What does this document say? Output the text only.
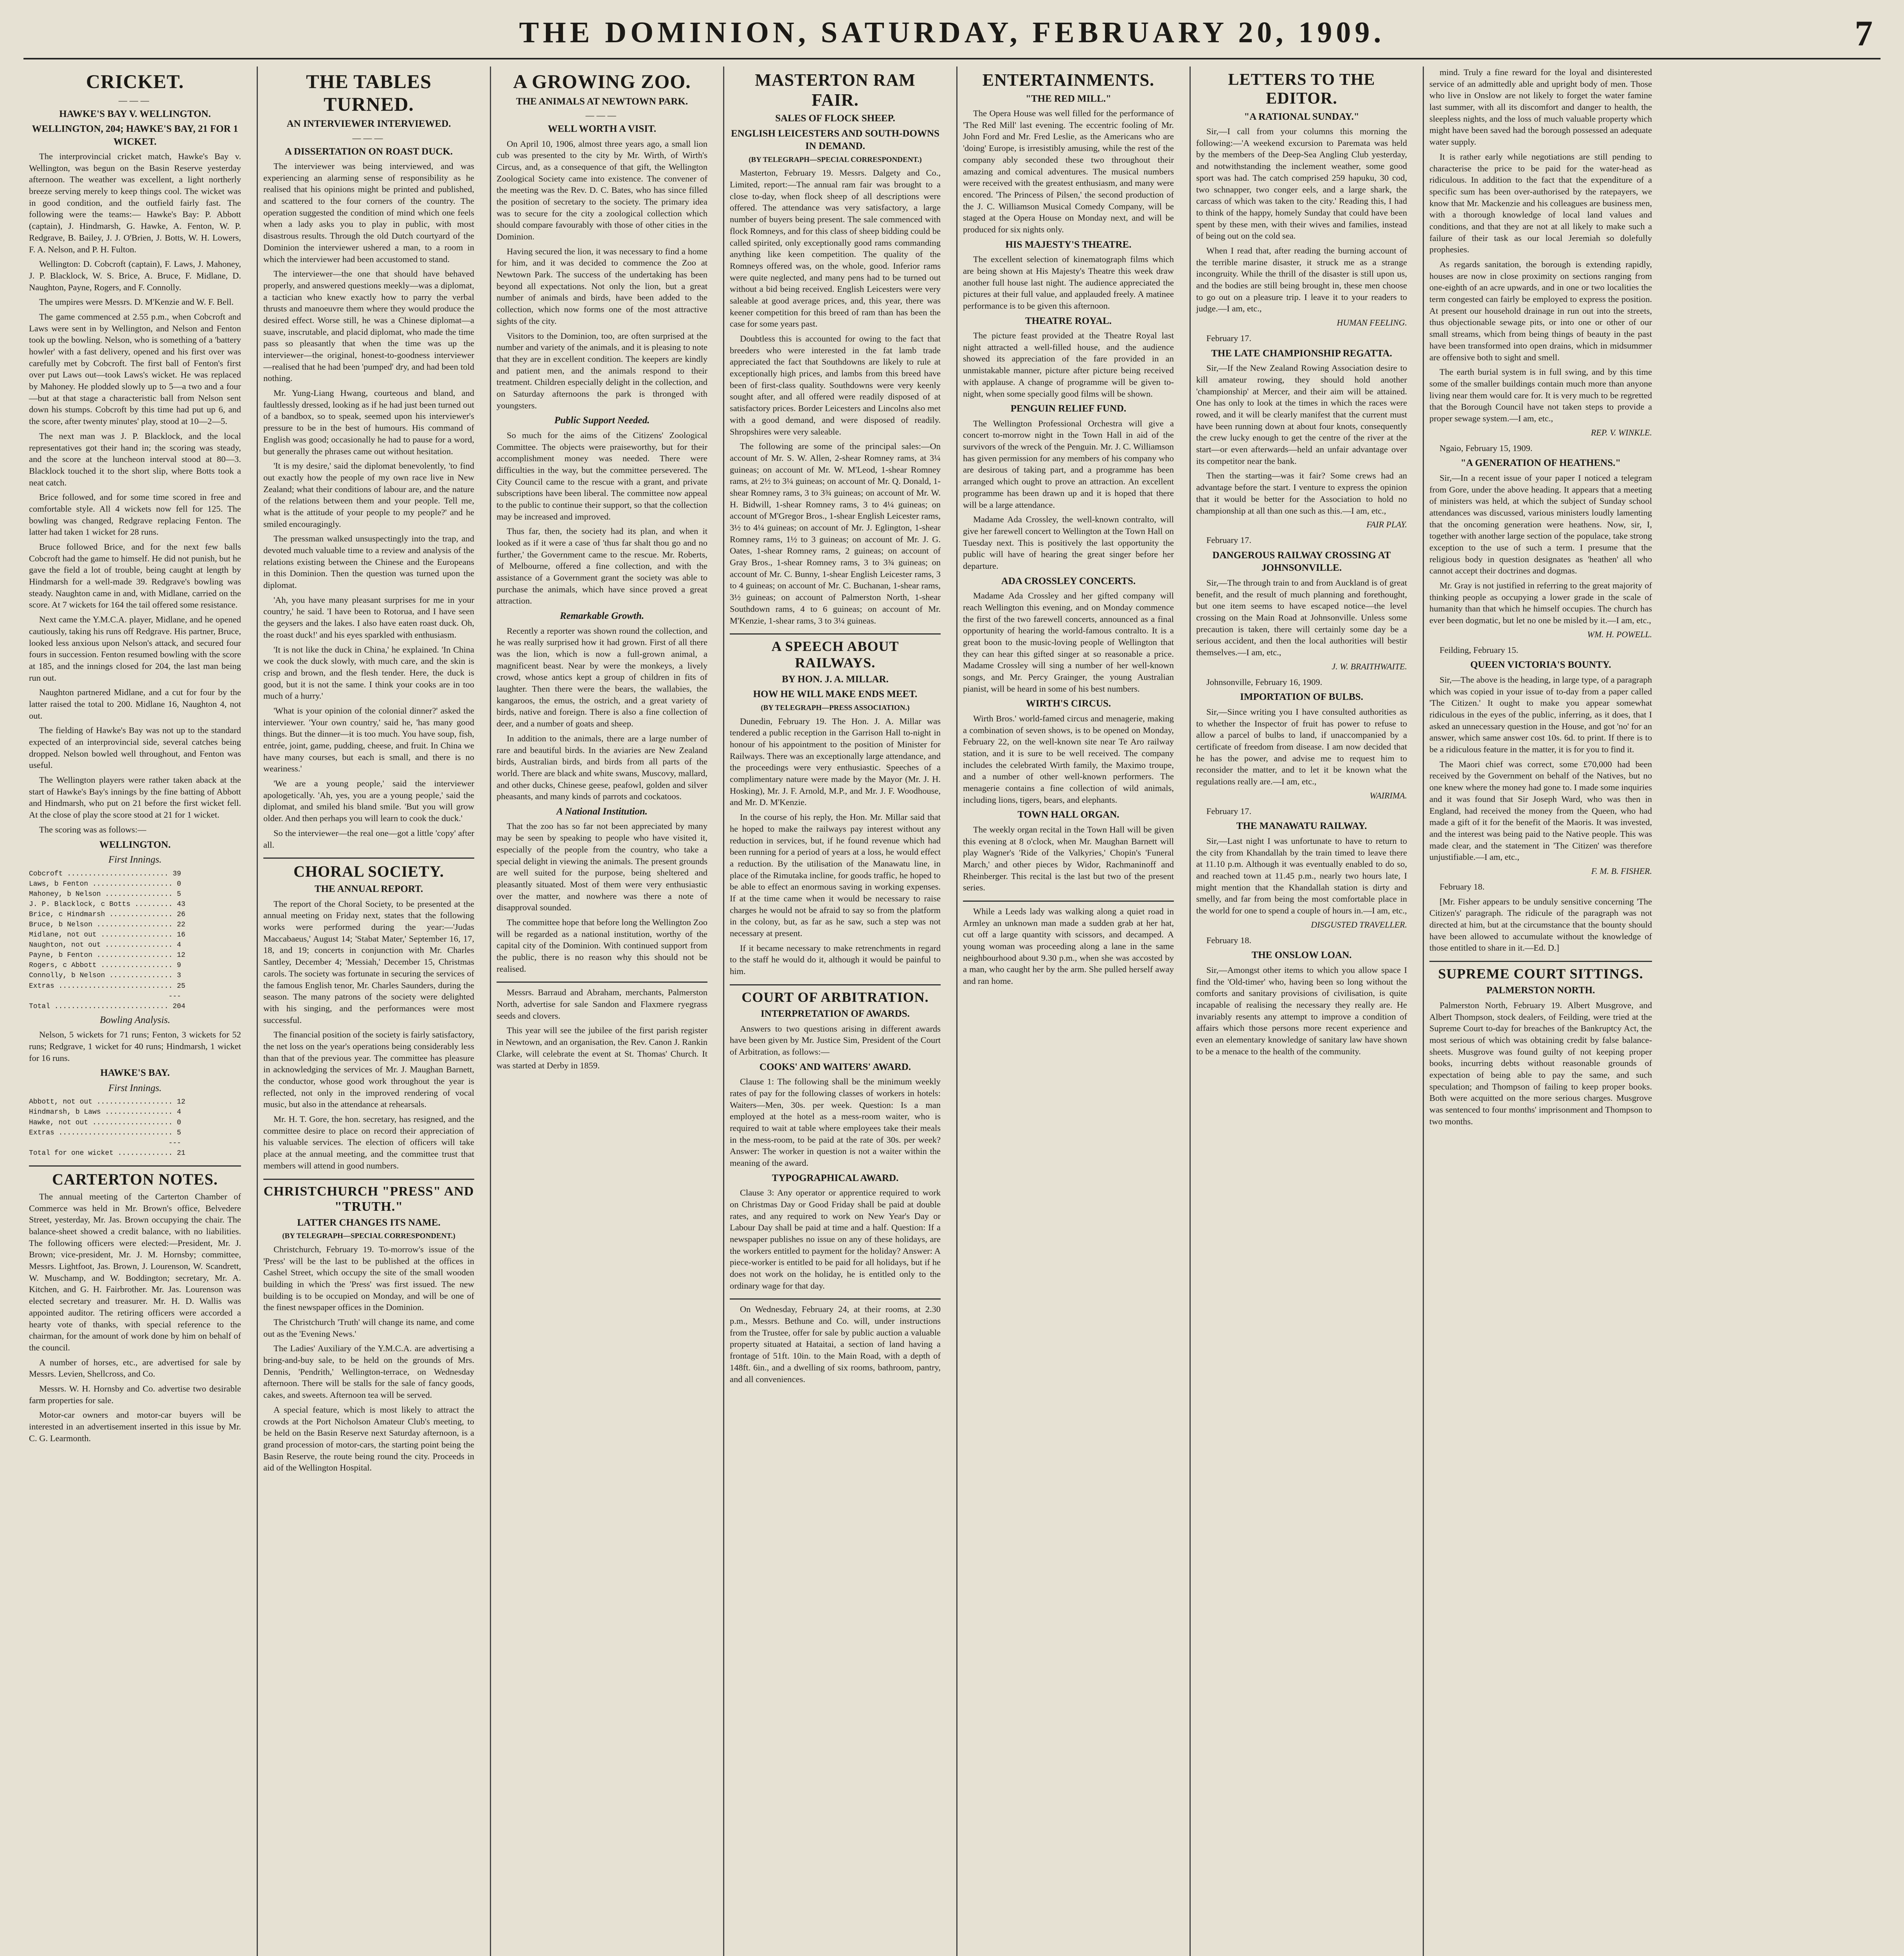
THE DOMINION, SATURDAY, FEBRUARY 20, 1909.	7
CRICKET.
———
HAWKE'S BAY V. WELLINGTON.
WELLINGTON, 204; HAWKE'S BAY, 21 FOR 1 WICKET.

The interprovincial cricket match, Hawke's Bay v. Wellington, was begun on the Basin Reserve yesterday afternoon. The weather was excellent, a light northerly breeze serving merely to keep things cool. The wicket was in good condition, and the outfield fairly fast. The following were the teams:— Hawke's Bay: P. Abbott (captain), J. Hindmarsh, G. Hawke, A. Fenton, W. P. Redgrave, B. Bailey, J. J. O'Brien, J. Botts, W. H. Lowers, F. A. Nelson, and P. H. Fulton.

Wellington: D. Cobcroft (captain), F. Laws, J. Mahoney, J. P. Blacklock, W. S. Brice, A. Bruce, F. Midlane, D. Naughton, Payne, Rogers, and F. Connolly.

The umpires were Messrs. D. M'Kenzie and W. F. Bell.

The game commenced at 2.55 p.m., when Cobcroft and Laws were sent in by Wellington, and Nelson and Fenton took up the bowling. Nelson, who is something of a 'battery howler' with a fast delivery, opened and his first over was carefully met by Cobcroft. The first ball of Fenton's first over put Laws out—took Laws's wicket. He was replaced by Mahoney. He plodded slowly up to 5—a two and a four—but at that stage a characteristic ball from Nelson sent down his stumps. Cobcroft by this time had put up 6, and the score, after twenty minutes' play, stood at 10—2—5.

The next man was J. P. Blacklock, and the local representatives got their hand in; the scoring was steady, and the score at the luncheon interval stood at 80—3. Blacklock touched it to the short slip, where Botts took a neat catch.

Brice followed, and for some time scored in free and comfortable style. All 4 wickets now fell for 125. The bowling was changed, Redgrave replacing Fenton. The latter had taken 1 wicket for 28 runs.

Bruce followed Brice, and for the next few balls Cobcroft had the game to himself. He did not punish, but he gave the field a lot of trouble, being caught at length by Hindmarsh for a well-made 39. Redgrave's bowling was steady. Naughton came in and, with Midlane, carried on the score. At 7 wickets for 164 the tail offered some resistance.

Next came the Y.M.C.A. player, Midlane, and he opened cautiously, taking his runs off Redgrave. His partner, Bruce, looked less anxious upon Nelson's attack, and secured four fours in succession. Fenton resumed bowling with the score at 185, and the innings closed for 204, the last man being run out.

Naughton partnered Midlane, and a cut for four by the latter raised the total to 200. Midlane 16, Naughton 4, not out.

The fielding of Hawke's Bay was not up to the standard expected of an interprovincial side, several catches being dropped. Nelson bowled well throughout, and Fenton was useful.

The Wellington players were rather taken aback at the start of Hawke's Bay's innings by the fine batting of Abbott and Hindmarsh, who put on 21 before the first wicket fell. At the close of play the score stood at 21 for 1 wicket.

The scoring was as follows:—

WELLINGTON.
First Innings.
Cobcroft ........................ 39
Laws, b Fenton ................... 0
Mahoney, b Nelson ................ 5
J. P. Blacklock, c Botts ......... 43
Brice, c Hindmarsh ............... 26
Bruce, b Nelson .................. 22
Midlane, not out ................. 16
Naughton, not out ................ 4
Payne, b Fenton .................. 12
Rogers, c Abbott ................. 9
Connolly, b Nelson ............... 3
Extras ........................... 25
---
Total ........................... 204
Bowling Analysis.

Nelson, 5 wickets for 71 runs; Fenton, 3 wickets for 52 runs; Redgrave, 1 wicket for 40 runs; Hindmarsh, 1 wicket for 16 runs.

HAWKE'S BAY.
First Innings.
Abbott, not out .................. 12
Hindmarsh, b Laws ................ 4
Hawke, not out ................... 0
Extras ........................... 5
---
Total for one wicket ............. 21
CARTERTON NOTES.

The annual meeting of the Carterton Chamber of Commerce was held in Mr. Brown's office, Belvedere Street, yesterday, Mr. Jas. Brown occupying the chair. The balance-sheet showed a credit balance, with no liabilities. The following officers were elected:—President, Mr. J. Brown; vice-president, Mr. J. M. Hornsby; committee, Messrs. Lightfoot, Jas. Brown, J. Lourenson, W. Scandrett, W. Muschamp, and W. Boddington; secretary, Mr. A. Kitchen, and G. H. Fairbrother. Mr. Jas. Lourenson was elected secretary and treasurer. Mr. H. D. Wallis was appointed auditor. The retiring officers were accorded a hearty vote of thanks, with special reference to the chairman, for the amount of work done by him on behalf of the council.

A number of horses, etc., are advertised for sale by Messrs. Levien, Shellcross, and Co.

Messrs. W. H. Hornsby and Co. advertise two desirable farm properties for sale.

Motor-car owners and motor-car buyers will be interested in an advertisement inserted in this issue by Mr. C. G. Learmonth.

THE TABLES TURNED.
AN INTERVIEWER INTERVIEWED.
———
A DISSERTATION ON ROAST DUCK.

The interviewer was being interviewed, and was experiencing an alarming sense of responsibility as he realised that his opinions might be printed and published, and scattered to the four corners of the country. The operation suggested the condition of mind which one feels when a lady asks you to play in public, with most disastrous results. Through the old Dutch courtyard of the Dominion the interviewer ushered a man, to a room in which the interviewer had been accustomed to stand.

The interviewer—the one that should have behaved properly, and answered questions meekly—was a diplomat, a tactician who knew exactly how to parry the verbal thrusts and manoeuvre them where they would produce the desired effect. Worse still, he was a Chinese diplomat—a suave, inscrutable, and placid diplomat, who made the time pass so pleasantly that when the time was up the interviewer—the original, honest-to-goodness interviewer—realised that he had been 'pumped' dry, and had been told nothing.

Mr. Yung-Liang Hwang, courteous and bland, and faultlessly dressed, looking as if he had just been turned out of a bandbox, so to speak, seemed upon his interviewer's pressure to be in the best of humours. His command of English was good; occasionally he had to pause for a word, but generally the phrases came out without hesitation.

'It is my desire,' said the diplomat benevolently, 'to find out exactly how the people of my own race live in New Zealand; what their conditions of labour are, and the nature of the relations between them and your people. Tell me, what is the attitude of your people to my people?' and he smiled encouragingly.

The pressman walked unsuspectingly into the trap, and devoted much valuable time to a review and analysis of the relations existing between the Chinese and the Europeans in this Dominion. Then the question was turned upon the diplomat.

'Ah, you have many pleasant surprises for me in your country,' he said. 'I have been to Rotorua, and I have seen the geysers and the lakes. I also have eaten roast duck. Oh, the roast duck!' and his eyes sparkled with enthusiasm.

'It is not like the duck in China,' he explained. 'In China we cook the duck slowly, with much care, and the skin is crisp and brown, and the flesh tender. Here, the duck is good, but it is not the same. I think your cooks are in too much of a hurry.'

'What is your opinion of the colonial dinner?' asked the interviewer. 'Your own country,' said he, 'has many good things. But the dinner—it is too much. You have soup, fish, entrée, joint, game, pudding, cheese, and fruit. In China we have many courses, but each is small, and there is no weariness.'

'We are a young people,' said the interviewer apologetically. 'Ah, yes, you are a young people,' said the diplomat, and smiled his bland smile. 'But you will grow older. And then perhaps you will learn to cook the duck.'

So the interviewer—the real one—got a little 'copy' after all.

CHORAL SOCIETY.
THE ANNUAL REPORT.

The report of the Choral Society, to be presented at the annual meeting on Friday next, states that the following works were performed during the year:—'Judas Maccabaeus,' August 14; 'Stabat Mater,' September 16, 17, 18, and 19; concerts in conjunction with Mr. Charles Santley, December 4; 'Messiah,' December 15, Christmas carols. The society was fortunate in securing the services of the famous English tenor, Mr. Charles Saunders, during the season. The many patrons of the society were delighted with his singing, and the performances were most successful.

The financial position of the society is fairly satisfactory, the net loss on the year's operations being considerably less than that of the previous year. The committee has pleasure in acknowledging the services of Mr. J. Maughan Barnett, the conductor, whose good work throughout the year is reflected, not only in the improved rendering of vocal music, but also in the attendance at rehearsals.

Mr. H. T. Gore, the hon. secretary, has resigned, and the committee desire to place on record their appreciation of his valuable services. The election of officers will take place at the annual meeting, and the committee trust that members will attend in good numbers.

CHRISTCHURCH "PRESS" AND "TRUTH."
LATTER CHANGES ITS NAME.
(BY TELEGRAPH—SPECIAL CORRESPONDENT.)

Christchurch, February 19. To-morrow's issue of the 'Press' will be the last to be published at the offices in Cashel Street, which occupy the site of the small wooden building in which the 'Press' was first issued. The new building is to be occupied on Monday, and will be one of the finest newspaper offices in the Dominion.

The Christchurch 'Truth' will change its name, and come out as the 'Evening News.'

The Ladies' Auxiliary of the Y.M.C.A. are advertising a bring-and-buy sale, to be held on the grounds of Mrs. Dennis, 'Pendrith,' Wellington-terrace, on Wednesday afternoon. There will be stalls for the sale of fancy goods, cakes, and sweets. Afternoon tea will be served.

A special feature, which is most likely to attract the crowds at the Port Nicholson Amateur Club's meeting, to be held on the Basin Reserve next Saturday afternoon, is a grand procession of motor-cars, the starting point being the Basin Reserve, the route being round the city. Proceeds in aid of the Wellington Hospital.

A GROWING ZOO.
THE ANIMALS AT NEWTOWN PARK.
———
WELL WORTH A VISIT.

On April 10, 1906, almost three years ago, a small lion cub was presented to the city by Mr. Wirth, of Wirth's Circus, and, as a consequence of that gift, the Wellington Zoological Society came into existence. The convener of the meeting was the Rev. D. C. Bates, who has since filled the position of secretary to the society. The primary idea was to secure for the city a zoological collection which should compare favourably with those of other cities in the Dominion.

Having secured the lion, it was necessary to find a home for him, and it was decided to commence the Zoo at Newtown Park. The success of the undertaking has been beyond all expectations. Not only the lion, but a great number of animals and birds, have been added to the collection, which now forms one of the most attractive sights of the city.

Visitors to the Dominion, too, are often surprised at the number and variety of the animals, and it is pleasing to note that they are in excellent condition. The keepers are kindly and patient men, and the animals respond to their treatment. Children especially delight in the collection, and on Saturday afternoons the park is thronged with youngsters.

Public Support Needed.

So much for the aims of the Citizens' Zoological Committee. The objects were praiseworthy, but for their accomplishment money was needed. There were difficulties in the way, but the committee persevered. The City Council came to the rescue with a grant, and private subscriptions have been liberal. The committee now appeal to the public to continue their support, so that the collection may be increased and improved.

Thus far, then, the society had its plan, and when it looked as if it were a case of 'thus far shalt thou go and no further,' the Government came to the rescue. Mr. Roberts, of Melbourne, offered a fine collection, and with the assistance of a Government grant the society was able to purchase the animals, which have since proved a great attraction.

Remarkable Growth.

Recently a reporter was shown round the collection, and he was really surprised how it had grown. First of all there was the lion, which is now a full-grown animal, a magnificent beast. Near by were the monkeys, a lively crowd, whose antics kept a group of children in fits of laughter. Then there were the bears, the wallabies, the kangaroos, the emus, the ostrich, and a great variety of birds, native and foreign. There is also a fine collection of deer, and a number of goats and sheep.

In addition to the animals, there are a large number of rare and beautiful birds. In the aviaries are New Zealand birds, Australian birds, and birds from all parts of the world. There are black and white swans, Muscovy, mallard, and other ducks, Chinese geese, peafowl, golden and silver pheasants, and many kinds of parrots and cockatoos.

A National Institution.

That the zoo has so far not been appreciated by many may be seen by speaking to people who have visited it, especially of the people from the country, who take a special delight in viewing the animals. The present grounds are well suited for the purpose, being sheltered and pleasantly situated. Most of them were very enthusiastic over the matter, and nowhere was there a note of disapproval sounded.

The committee hope that before long the Wellington Zoo will be regarded as a national institution, worthy of the capital city of the Dominion. With continued support from the public, there is no reason why this should not be realised.

Messrs. Barraud and Abraham, merchants, Palmerston North, advertise for sale Sandon and Flaxmere ryegrass seeds and clovers.

This year will see the jubilee of the first parish register in Newtown, and an organisation, the Rev. Canon J. Rankin Clarke, will celebrate the event at St. Thomas' Church. It was started at Derby in 1859.

MASTERTON RAM FAIR.
SALES OF FLOCK SHEEP.
ENGLISH LEICESTERS AND SOUTH-DOWNS IN DEMAND.
(BY TELEGRAPH—SPECIAL CORRESPONDENT.)

Masterton, February 19. Messrs. Dalgety and Co., Limited, report:—The annual ram fair was brought to a close to-day, when flock sheep of all descriptions were offered. The attendance was very satisfactory, a large number of buyers being present. The sale commenced with flock Romneys, and for this class of sheep bidding could be called spirited, only exceptionally good rams commanding anything like keen competition. The quality of the Romneys offered was, on the whole, good. Inferior rams were quite neglected, and many pens had to be turned out without a bid being received. English Leicesters were very saleable at good average prices, and, this year, there was keener competition for this breed of ram than has been the case for some years past.

Doubtless this is accounted for owing to the fact that breeders who were interested in the fat lamb trade appreciated the fact that Southdowns are likely to rule at exceptionally high prices, and lambs from this breed have been of first-class quality. Southdowns were very keenly sought after, and all offered were readily disposed of at satisfactory prices. Border Leicesters and Lincolns also met with a good demand, and were disposed of readily. Shropshires were very saleable.

The following are some of the principal sales:—On account of Mr. S. W. Allen, 2-shear Romney rams, at 3¼ guineas; on account of Mr. W. M'Leod, 1-shear Romney rams, at 2½ to 3¼ guineas; on account of Mr. Q. Donald, 1-shear Romney rams, 3 to 3¾ guineas; on account of Mr. W. H. Bidwill, 1-shear Romney rams, 3 to 4¼ guineas; on account of M'Gregor Bros., 1-shear English Leicester rams, 3½ to 4¼ guineas; on account of Mr. J. Eglington, 1-shear Romney rams, 1½ to 3 guineas; on account of Mr. J. G. Oates, 1-shear Romney rams, 2 guineas; on account of Gray Bros., 1-shear Romney rams, 3 to 3¾ guineas; on account of Mr. C. Bunny, 1-shear English Leicester rams, 3 to 4 guineas; on account of Mr. C. Buchanan, 1-shear rams, 3½ guineas; on account of Palmerston North, 1-shear Southdown rams, 4 to 6 guineas; on account of Mr. M'Kenzie, 1-shear rams, 3 to 3¼ guineas.

A SPEECH ABOUT RAILWAYS.
BY HON. J. A. MILLAR.
HOW HE WILL MAKE ENDS MEET.
(BY TELEGRAPH—PRESS ASSOCIATION.)

Dunedin, February 19. The Hon. J. A. Millar was tendered a public reception in the Garrison Hall to-night in honour of his appointment to the position of Minister for Railways. There was an exceptionally large attendance, and the proceedings were very enthusiastic. Speeches of a complimentary nature were made by the Mayor (Mr. J. H. Hosking), Mr. J. F. Arnold, M.P., and Mr. J. F. Woodhouse, and Mr. D. M'Kenzie.

In the course of his reply, the Hon. Mr. Millar said that he hoped to make the railways pay interest without any reduction in services, but, if he found revenue which had been running for a period of years at a loss, he would effect a reduction. By the utilisation of the Manawatu line, in place of the Rimutaka incline, for goods traffic, he hoped to be able to effect an enormous saving in working expenses. If at the time came when it would be necessary to raise charges he would not be afraid to say so from the platform in the colony, but, as far as he saw, such a step was not necessary at present.

If it became necessary to make retrenchments in regard to the staff he would do it, although it would be painful to him.

COURT OF ARBITRATION.
INTERPRETATION OF AWARDS.

Answers to two questions arising in different awards have been given by Mr. Justice Sim, President of the Court of Arbitration, as follows:—

COOKS' AND WAITERS' AWARD.

Clause 1: The following shall be the minimum weekly rates of pay for the following classes of workers in hotels: Waiters—Men, 30s. per week. Question: Is a man employed at the hotel as a mess-room waiter, who is required to wait at table where employees take their meals in the mess-room, to be paid at the rate of 30s. per week? Answer: The worker in question is not a waiter within the meaning of the award.

TYPOGRAPHICAL AWARD.

Clause 3: Any operator or apprentice required to work on Christmas Day or Good Friday shall be paid at double rates, and any required to work on New Year's Day or Labour Day shall be paid at time and a half. Question: If a newspaper publishes no issue on any of these holidays, are the workers entitled to payment for the holiday? Answer: A piece-worker is entitled to be paid for all holidays, but if he does not work on the holiday, he is entitled only to the ordinary wage for that day.

On Wednesday, February 24, at their rooms, at 2.30 p.m., Messrs. Bethune and Co. will, under instructions from the Trustee, offer for sale by public auction a valuable property situated at Hataitai, a section of land having a frontage of 51ft. 10in. to the Main Road, with a depth of 148ft. 6in., and a dwelling of six rooms, bathroom, pantry, and all conveniences.

ENTERTAINMENTS.
"THE RED MILL."

The Opera House was well filled for the performance of 'The Red Mill' last evening. The eccentric fooling of Mr. John Ford and Mr. Fred Leslie, as the Americans who are 'doing' Europe, is irresistibly amusing, while the rest of the company ably seconded these two throughout their amazing and comical adventures. The musical numbers were received with the greatest enthusiasm, and many were encored. 'The Princess of Pilsen,' the second production of the J. C. Williamson Musical Comedy Company, will be staged at the Opera House on Monday next, and will be produced for six nights only.

HIS MAJESTY'S THEATRE.

The excellent selection of kinematograph films which are being shown at His Majesty's Theatre this week draw another full house last night. The audience appreciated the pictures at their full value, and applauded freely. A matinee performance is to be given this afternoon.

THEATRE ROYAL.

The picture feast provided at the Theatre Royal last night attracted a well-filled house, and the audience showed its appreciation of the fare provided in an unmistakable manner, picture after picture being received with applause. A change of programme will be given to-night, when some specially good films will be shown.

PENGUIN RELIEF FUND.

The Wellington Professional Orchestra will give a concert to-morrow night in the Town Hall in aid of the survivors of the wreck of the Penguin. Mr. J. C. Williamson has given permission for any members of his company who are desirous of taking part, and a programme has been arranged which ought to prove an attraction. An excellent programme has been drawn up and it is hoped that there will be a large attendance.

Madame Ada Crossley, the well-known contralto, will give her farewell concert to Wellington at the Town Hall on Tuesday next. This is positively the last opportunity the public will have of hearing the great singer before her departure.

ADA CROSSLEY CONCERTS.

Madame Ada Crossley and her gifted company will reach Wellington this evening, and on Monday commence the first of the two farewell concerts, announced as a final opportunity of hearing the world-famous contralto. It is a great boon to the music-loving people of Wellington that they can hear this gifted singer at so reasonable a price. Madame Crossley will sing a number of her well-known songs, and Mr. Percy Grainger, the young Australian pianist, will be heard in some of his best numbers.

WIRTH'S CIRCUS.

Wirth Bros.' world-famed circus and menagerie, making a combination of seven shows, is to be opened on Monday, February 22, on the well-known site near Te Aro railway station, and it is sure to be well received. The company includes the celebrated Wirth family, the Maximo troupe, and a number of other well-known performers. The menagerie contains a fine collection of wild animals, including lions, tigers, bears, and elephants.

TOWN HALL ORGAN.

The weekly organ recital in the Town Hall will be given this evening at 8 o'clock, when Mr. Maughan Barnett will play Wagner's 'Ride of the Valkyries,' Chopin's 'Funeral March,' and other pieces by Widor, Rachmaninoff and Rheinberger. This recital is the last but two of the present series.

While a Leeds lady was walking along a quiet road in Armley an unknown man made a sudden grab at her hat, cut off a large quantity with scissors, and decamped. A young woman was proceeding along a lane in the same neighbourhood about 9.30 p.m., when she was accosted by a man, who caught her by the arm. She pulled herself away and ran home.

LETTERS TO THE EDITOR.
"A RATIONAL SUNDAY."

Sir,—I call from your columns this morning the following:—'A weekend excursion to Paremata was held by the members of the Deep-Sea Angling Club yesterday, and notwithstanding the inclement weather, some good sport was had. The catch comprised 259 hapuku, 30 cod, two schnapper, two conger eels, and a large shark, the carcass of which was taken to the city.' Reading this, I had to think of the happy, homely Sunday that could have been spent by these men, with their wives and families, instead of being out on the cold sea.

When I read that, after reading the burning account of the terrible marine disaster, it struck me as a strange incongruity. While the thrill of the disaster is still upon us, and the bodies are still being brought in, these men choose to go out on a pleasure trip. I leave it to your readers to judge.—I am, etc.,

HUMAN FEELING.

February 17.

THE LATE CHAMPIONSHIP REGATTA.

Sir,—If the New Zealand Rowing Association desire to kill amateur rowing, they should hold another 'championship' at Mercer, and their aim will be attained. One has only to look at the times in which the races were rowed, and it will be clearly manifest that the current must have been running down at about four knots, consequently the crew lucky enough to get the centre of the river at the start—or even afterwards—held an unfair advantage over its competitor near the bank.

Then the starting—was it fair? Some crews had an advantage before the start. I venture to express the opinion that it would be better for the Association to hold no championship at all than one such as this.—I am, etc.,

FAIR PLAY.

February 17.

DANGEROUS RAILWAY CROSSING AT JOHNSONVILLE.

Sir,—The through train to and from Auckland is of great benefit, and the result of much planning and forethought, but one item seems to have escaped notice—the level crossing on the Main Road at Johnsonville. Unless some precaution is taken, there will certainly some day be a serious accident, and then the local authorities will bestir themselves.—I am, etc.,

J. W. BRAITHWAITE.

Johnsonville, February 16, 1909.

IMPORTATION OF BULBS.

Sir,—Since writing you I have consulted authorities as to whether the Inspector of fruit has power to refuse to allow a parcel of bulbs to land, if unaccompanied by a certificate of freedom from disease. I am now decided that he has the power, and advise me to request him to reconsider the matter, and to let it be known what the regulations really are.—I am, etc.,

WAIRIMA.

February 17.

THE MANAWATU RAILWAY.

Sir,—Last night I was unfortunate to have to return to the city from Khandallah by the train timed to leave there at 11.10 p.m. Although it was eventually enabled to do so, and reached town at 11.45 p.m., nearly two hours late, I might mention that the Khandallah station is dirty and smelly, and far from being the most comfortable place in the world for one to spend a couple of hours in.—I am, etc.,

DISGUSTED TRAVELLER.

February 18.

THE ONSLOW LOAN.

Sir,—Amongst other items to which you allow space I find the 'Old-timer' who, having been so long without the comforts and sanitary provisions of civilisation, is quite incapable of realising the necessary they really are. He invariably resents any attempt to improve a condition of affairs which those persons more recent experience and even an elementary knowledge of sanitary law have shown to be a menace to the health of the community.

mind. Truly a fine reward for the loyal and disinterested service of an admittedly able and upright body of men. Those who live in Onslow are not likely to forget the water famine last summer, with all its discomfort and danger to health, the sleepless nights, and the loss of much valuable property which might have been saved had the borough possessed an adequate water supply.

It is rather early while negotiations are still pending to characterise the price to be paid for the water-head as ridiculous. In addition to the fact that the expenditure of a specific sum has been over-authorised by the ratepayers, we know that Mr. Mackenzie and his colleagues are business men, with a thorough knowledge of local land values and conditions, and that they are not at all likely to make such a failure of their task as our local Jeremiah so dolefully prophesies.

As regards sanitation, the borough is extending rapidly, houses are now in close proximity on sections ranging from one-eighth of an acre upwards, and in one or two localities the term congested can fairly be employed to express the position. At present our household drainage in run out into the streets, thus objectionable sewage pits, or into one or other of our small streams, which from being things of beauty in the past have been transformed into open drains, which in midsummer are offensive both to sight and smell.

The earth burial system is in full swing, and by this time some of the smaller buildings contain much more than anyone living near them would care for. It is very much to be regretted that the Borough Council have not taken steps to provide a proper sewage system.—I am, etc.,

REP. V. WINKLE.

Ngaio, February 15, 1909.

"A GENERATION OF HEATHENS."

Sir,—In a recent issue of your paper I noticed a telegram from Gore, under the above heading. It appears that a meeting of ministers was held, at which the subject of Sunday school attendances was discussed, various ministers loudly lamenting that the oncoming generation were heathens. Now, sir, I, together with another large section of the populace, take strong exception to the use of such a term. I presume that the religious body in question designates as 'heathen' all who cannot accept their doctrines and dogmas.

Mr. Gray is not justified in referring to the great majority of thinking people as occupying a lower grade in the scale of humanity than that which he himself occupies. The church has ever been dogmatic, but let no one be misled by it.—I am, etc.,

WM. H. POWELL.

Feilding, February 15.

QUEEN VICTORIA'S BOUNTY.

Sir,—The above is the heading, in large type, of a paragraph which was copied in your issue of to-day from a paper called 'The Citizen.' It ought to make you appear somewhat ridiculous in the eyes of the public, inferring, as it does, that I asked an unnecessary question in the House, and got 'no' for an answer, which same answer cost 10s. 6d. to print. If there is to be a ridiculous feature in the matter, it is for you to find it.

The Maori chief was correct, some £70,000 had been received by the Government on behalf of the Natives, but no one knew where the money had gone to. I made some inquiries and it was found that Sir Joseph Ward, who was then in England, had received the money from the Queen, who had made a gift of it for the benefit of the Maoris. It was invested, and the interest was being paid to the Native people. This was made clear, and the statement in 'The Citizen' was therefore unjustifiable.—I am, etc.,

F. M. B. FISHER.

February 18.

[Mr. Fisher appears to be unduly sensitive concerning 'The Citizen's' paragraph. The ridicule of the paragraph was not directed at him, but at the circumstance that the bounty should have been allowed to accumulate without the knowledge of those entitled to share in it.—Ed. D.]

SUPREME COURT SITTINGS.
PALMERSTON NORTH.

Palmerston North, February 19. Albert Musgrove, and Albert Thompson, stock dealers, of Feilding, were tried at the Supreme Court to-day for breaches of the Bankruptcy Act, the most serious of which was obtaining credit by false balance-sheets. Musgrove was found guilty of not keeping proper books, incurring debts without reasonable grounds of expectation of being able to pay the same, and such speculation; and Thompson of failing to keep proper books. Both were acquitted on the more serious charges. Musgrove was sentenced to four months' imprisonment and Thompson to two months.
